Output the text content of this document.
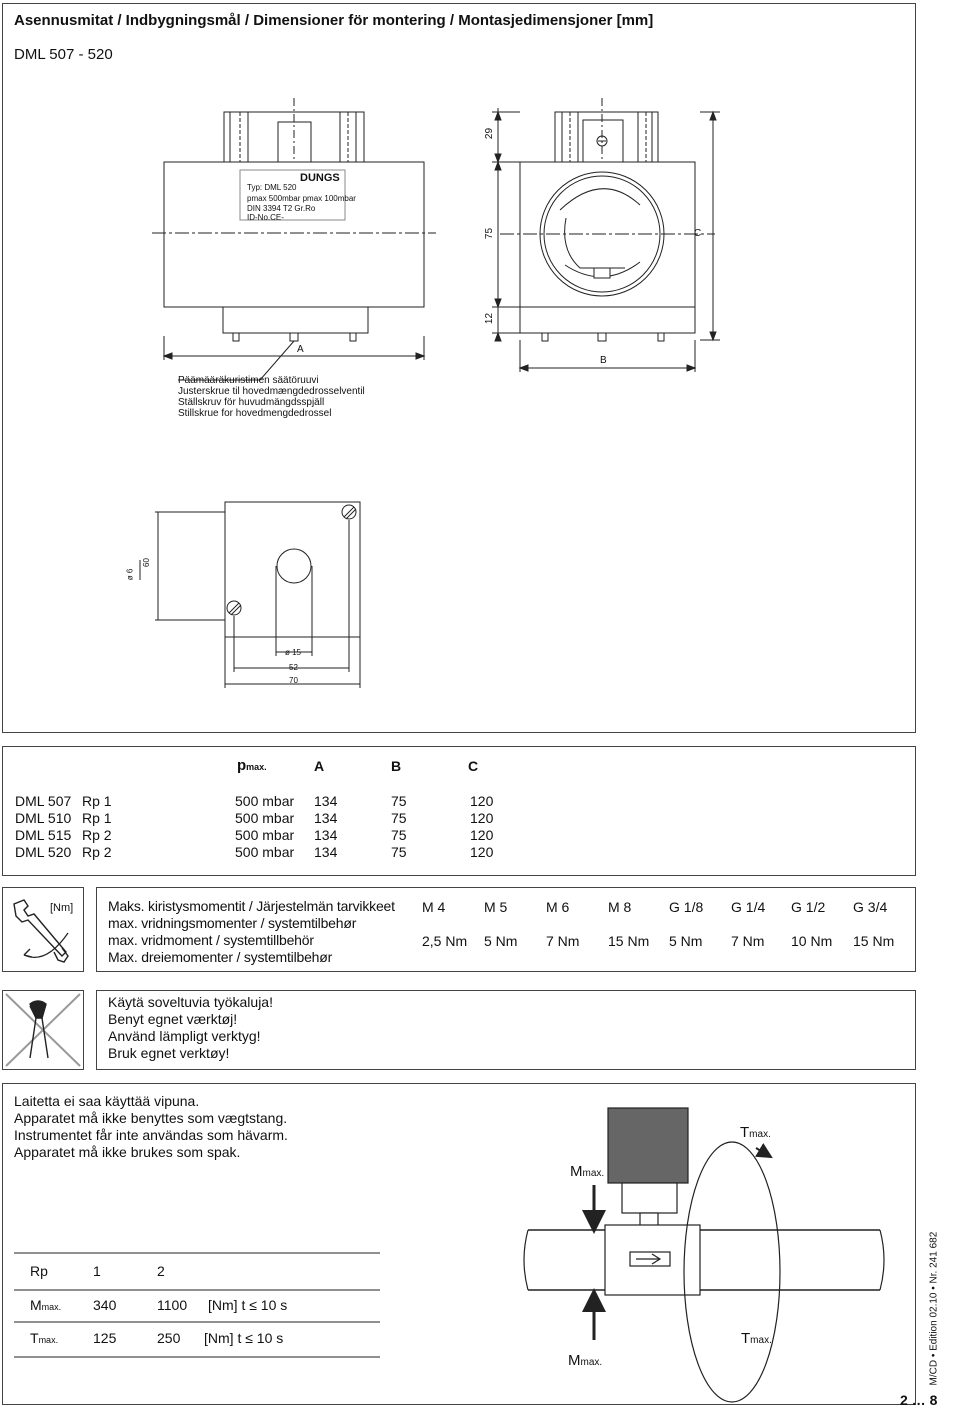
Asennusmitat / Indbygningsmål / Dimensioner för montering / Montasjedimensjoner [mm]
DML 507 - 520
DUNGS
Typ: DML 520
pmax 500mbar pmax 100mbar
DIN 3394 T2 Gr.Ro
ID-No.CE-
A
Päämääräkuristimen säätöruuvi
Justerskrue til hovedmængdedrosselventil
Ställskruv för huvudmängdsspjäll
Stillskrue for hovedmengdedrossel
29
75
12
C
B
ø 6
60
ø 15
52
70
pmax.	A	B	C
DML 507 Rp 1	500 mbar 134	75	120
DML 510 Rp 1	500 mbar 134	75	120
DML 515 Rp 2	500 mbar 134	75	120
DML 520 Rp 2	500 mbar 134	75	120
[Nm] Maks. kiristysmomentit / Järjestelmän tarvikkeet
max. vridningsmomenter / systemtilbehør
max. vridmoment / systemtillbehör
Max. dreiemomenter / systemtilbehør
M 4	M 5	M 6	M 8	G 1/8 G 1/4 G 1/2 G 3/4
2,5 Nm 5 Nm 7 Nm 15 Nm 5 Nm 7 Nm 10 Nm 15 Nm
Käytä soveltuvia työkaluja!
Benyt egnet værktøj!
Använd lämpligt verktyg!
Bruk egnet verktøy!
Laitetta ei saa käyttää vipuna.
Apparatet må ikke benyttes som vægtstang.
Instrumentet får inte användas som hävarm.
Apparatet må ikke brukes som spak.
Rp	1	2
Mmax. 340	1100 [Nm] t ≤ 10 s
Tmax. 125	250 [Nm] t ≤ 10 s
Tmax.
Mmax.
Mmax.
Tmax.	M/CD • Edition 02.10 • Nr. 241 682
2 … 8
